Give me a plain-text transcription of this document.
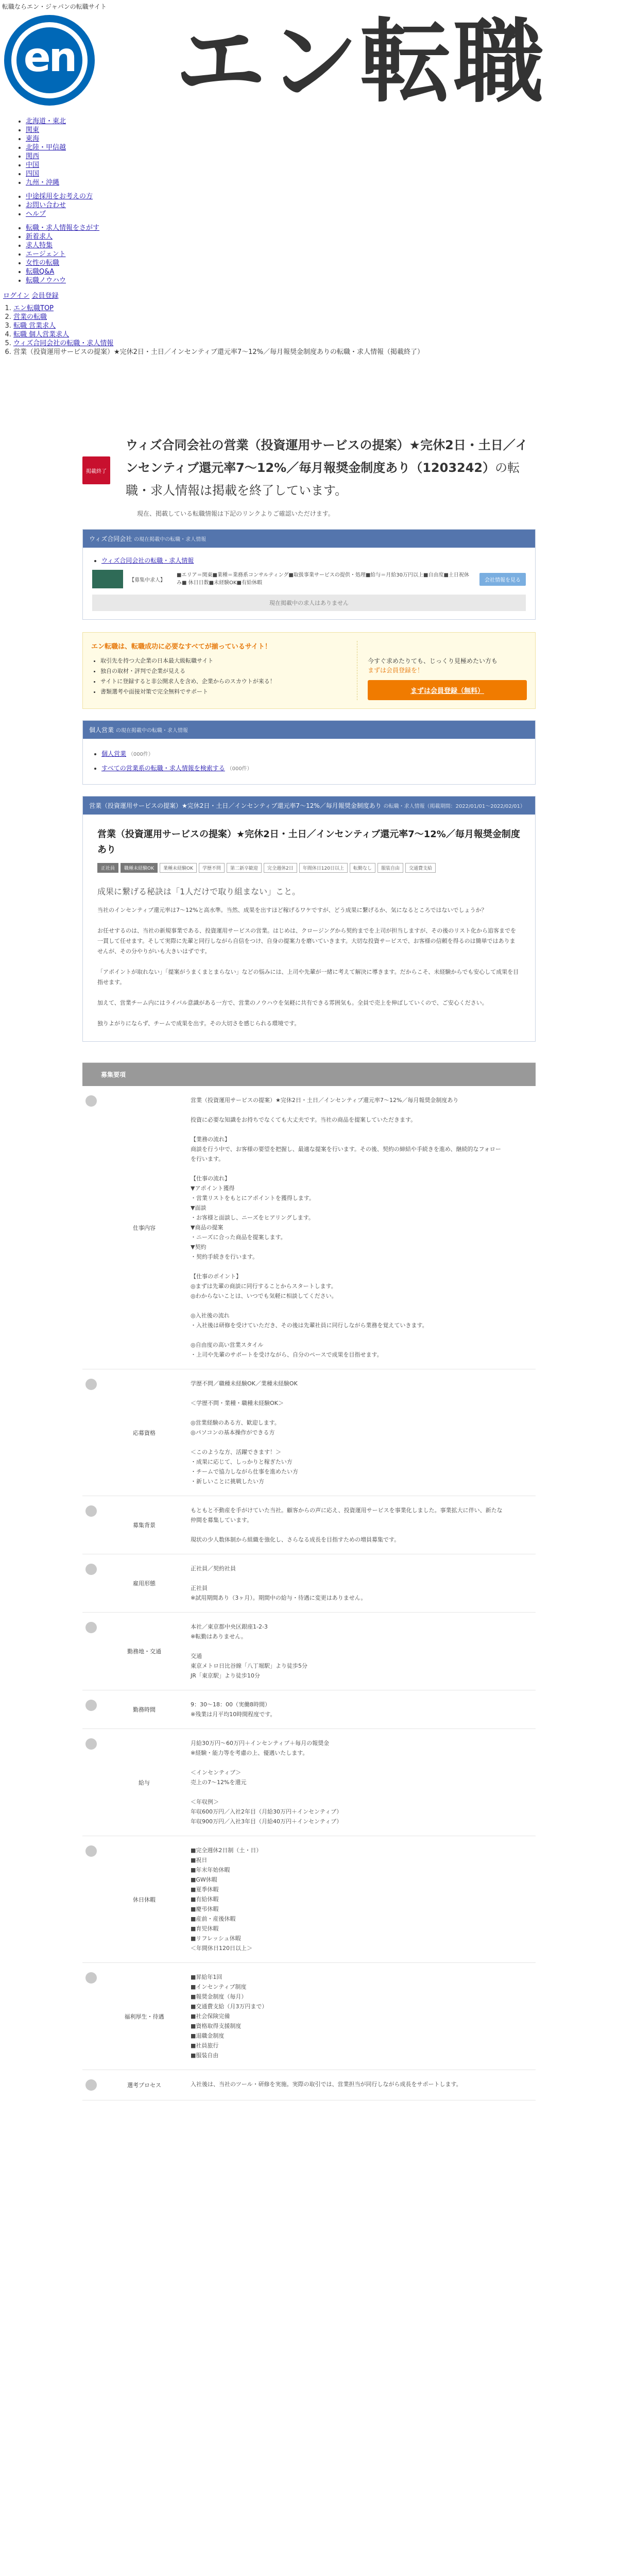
転職ならエン・ジャパンの転職サイト
en エン転職
• 北海道・東北
• 関東
• 東海
• 北陸・甲信越
• 関西
• 中国
• 四国
• 九州・沖縄
• 中途採用をお考えの方
• お問い合わせ
• ヘルプ
• 転職・求人情報をさがす
• 新着求人
• 求人特集
• エージェント
• 女性の転職
• 転職Q&A
• 転職ノウハウ
ログイン 会員登録
1. エン転職TOP
2. 営業の転職
3. 転職 営業求人
4. 転職 個人営業求人
5. ウィズ合同会社の転職・求人情報
6. 営業（投資運用サービスの提案）★完休2日・土日／インセンティブ還元率7～12%／毎月報奨金制度ありの転職・求人情報（掲載終了）
掲載終了
ウィズ合同会社の営業（投資運用サービスの提案）★完休2日・土日／インセンティブ還元率7～12%／毎月報奨金制度あり（1203242）の転職・求人情報は掲載を終了しています。
現在、掲載している転職情報は下記のリンクよりご確認いただけます。
ウィズ合同会社 の現在掲載中の転職・求人情報
• ウィズ合同会社の転職・求人情報
【募集中求人】
■エリア＝関東■業種＝業務系コンサルティング■取扱事業サービスの提供・処理■給与＝月給30万円以上■自由度■土日祝休み■ 休日日数■未経験OK■有給休暇	会社情報を見る
現在掲載中の求人はありません
エン転職は、転職成功に必要なすべてが揃っているサイト！
• 取引先を持つ大企業の日本最大級転職サイト
• 独自の取材・評判で企業が見える
• サイトに登録すると非公開求人を含め、企業からのスカウトが来る！
• 書類選考や面接対策で完全無料でサポート
今すぐ求めたりても、じっくり見極めたい方も
まずは会員登録を！
まずは会員登録（無料）
個人営業 の現在掲載中の転職・求人情報
• 個人営業 （000件）
• すべての営業系の転職・求人情報を検索する （000件）
営業（投資運用サービスの提案）★完休2日・土日／インセンティブ還元率7～12%／毎月報奨金制度あり の転職・求人情報（掲載期間：2022/01/01～2022/02/01）
営業（投資運用サービスの提案）★完休2日・土日／インセンティブ還元率7～12%／毎月報奨金制度あり
正社員	職種未経験OK	業種未経験OK	学歴不問	第二新卒歓迎	完全週休2日	年間休日120日以上	転勤なし	服装自由	交通費支給
成果に繋げる秘訣は「1人だけで取り組まない」こと。
当社のインセンティブ還元率は7～12%と高水準。当然、成果を出すほど稼げるワケですが、どう成果に繋げるか、気になるところではないでしょうか？

お任せするのは、当社の新規事業である、投資運用サービスの営業。はじめは、クロージングから契約までを上司が担当しますが、その後のリスト化から追客までを一貫して任せます。そして実際に先輩と同行しながら自信をつけ、自身の提案力を磨いていきます。大切な投資サービスで、お客様の信頼を得るのは簡単ではありませんが、その分やりがいも大きいはずです。

「アポイントが取れない」「提案がうまくまとまらない」などの悩みには、上司や先輩が一緒に考えて解決に導きます。だからこそ、未経験からでも安心して成果を目指せます。

加えて、営業チーム内にはライバル意識がある一方で、営業のノウハウを気軽に共有できる雰囲気も。全員で売上を伸ばしていくので、ご安心ください。

独りよがりにならず、チームで成果を出す。その大切さを感じられる環境です。
募集要項
仕事内容
営業（投資運用サービスの提案）★完休2日・土日／インセンティブ還元率7～12%／毎月報奨金制度あり

投資に必要な知識をお持ちでなくても大丈夫です。当社の商品を提案していただきます。

【業務の流れ】
商談を行う中で、お客様の要望を把握し、最適な提案を行います。その後、契約の締結や手続きを進め、継続的なフォローを行います。

【仕事の流れ】
▼アポイント獲得
・営業リストをもとにアポイントを獲得します。
▼面談
・お客様と面談し、ニーズをヒアリングします。
▼商品の提案
・ニーズに合った商品を提案します。
▼契約
・契約手続きを行います。

【仕事のポイント】
◎まずは先輩の商談に同行することからスタートします。
◎わからないことは、いつでも気軽に相談してください。

◎入社後の流れ
・入社後は研修を受けていただき、その後は先輩社員に同行しながら業務を覚えていきます。

◎自由度の高い営業スタイル
・上司や先輩のサポートを受けながら、自分のペースで成果を目指せます。
応募資格
学歴不問／職種未経験OK／業種未経験OK

＜学歴不問・業種・職種未経験OK＞

◎営業経験のある方、歓迎します。
◎パソコンの基本操作ができる方

＜このような方、活躍できます！＞
・成果に応じて、しっかりと稼ぎたい方
・チームで協力しながら仕事を進めたい方
・新しいことに挑戦したい方
募集背景
もともと不動産を手がけていた当社。顧客からの声に応え、投資運用サービスを事業化しました。事業拡大に伴い、新たな仲間を募集しています。

現状の少人数体制から組織を強化し、さらなる成長を目指すための増員募集です。
雇用形態
正社員／契約社員

正社員
※試用期間あり（3ヶ月）。期間中の給与・待遇に変更はありません。
勤務地・交通
本社／東京都中央区銀座1-2-3
※転勤はありません。

交通
東京メトロ日比谷線「八丁堀駅」より徒歩5分
JR「東京駅」より徒歩10分
勤務時間
9：30～18：00（実働8時間）
※残業は月平均10時間程度です。
給与
月給30万円～60万円＋インセンティブ＋毎月の報奨金
※経験・能力等を考慮の上、優遇いたします。

＜インセンティブ＞
売上の7～12%を還元

＜年収例＞
年収600万円／入社2年目（月給30万円＋インセンティブ）
年収900万円／入社3年目（月給40万円＋インセンティブ）
休日休暇
■完全週休2日制（土・日）
■祝日
■年末年始休暇
■GW休暇
■夏季休暇
■有給休暇
■慶弔休暇
■産前・産後休暇
■育児休暇
■リフレッシュ休暇
＜年間休日120日以上＞
福利厚生・待遇
■昇給年1回
■インセンティブ制度
■報奨金制度（毎月）
■交通費支給（月3万円まで）
■社会保険完備
■資格取得支援制度
■退職金制度
■社員旅行
■服装自由
選考プロセス	入社後は、当社のツール・研修を実施。実際の取引では、営業担当が同行しながら成長をサポートします。
